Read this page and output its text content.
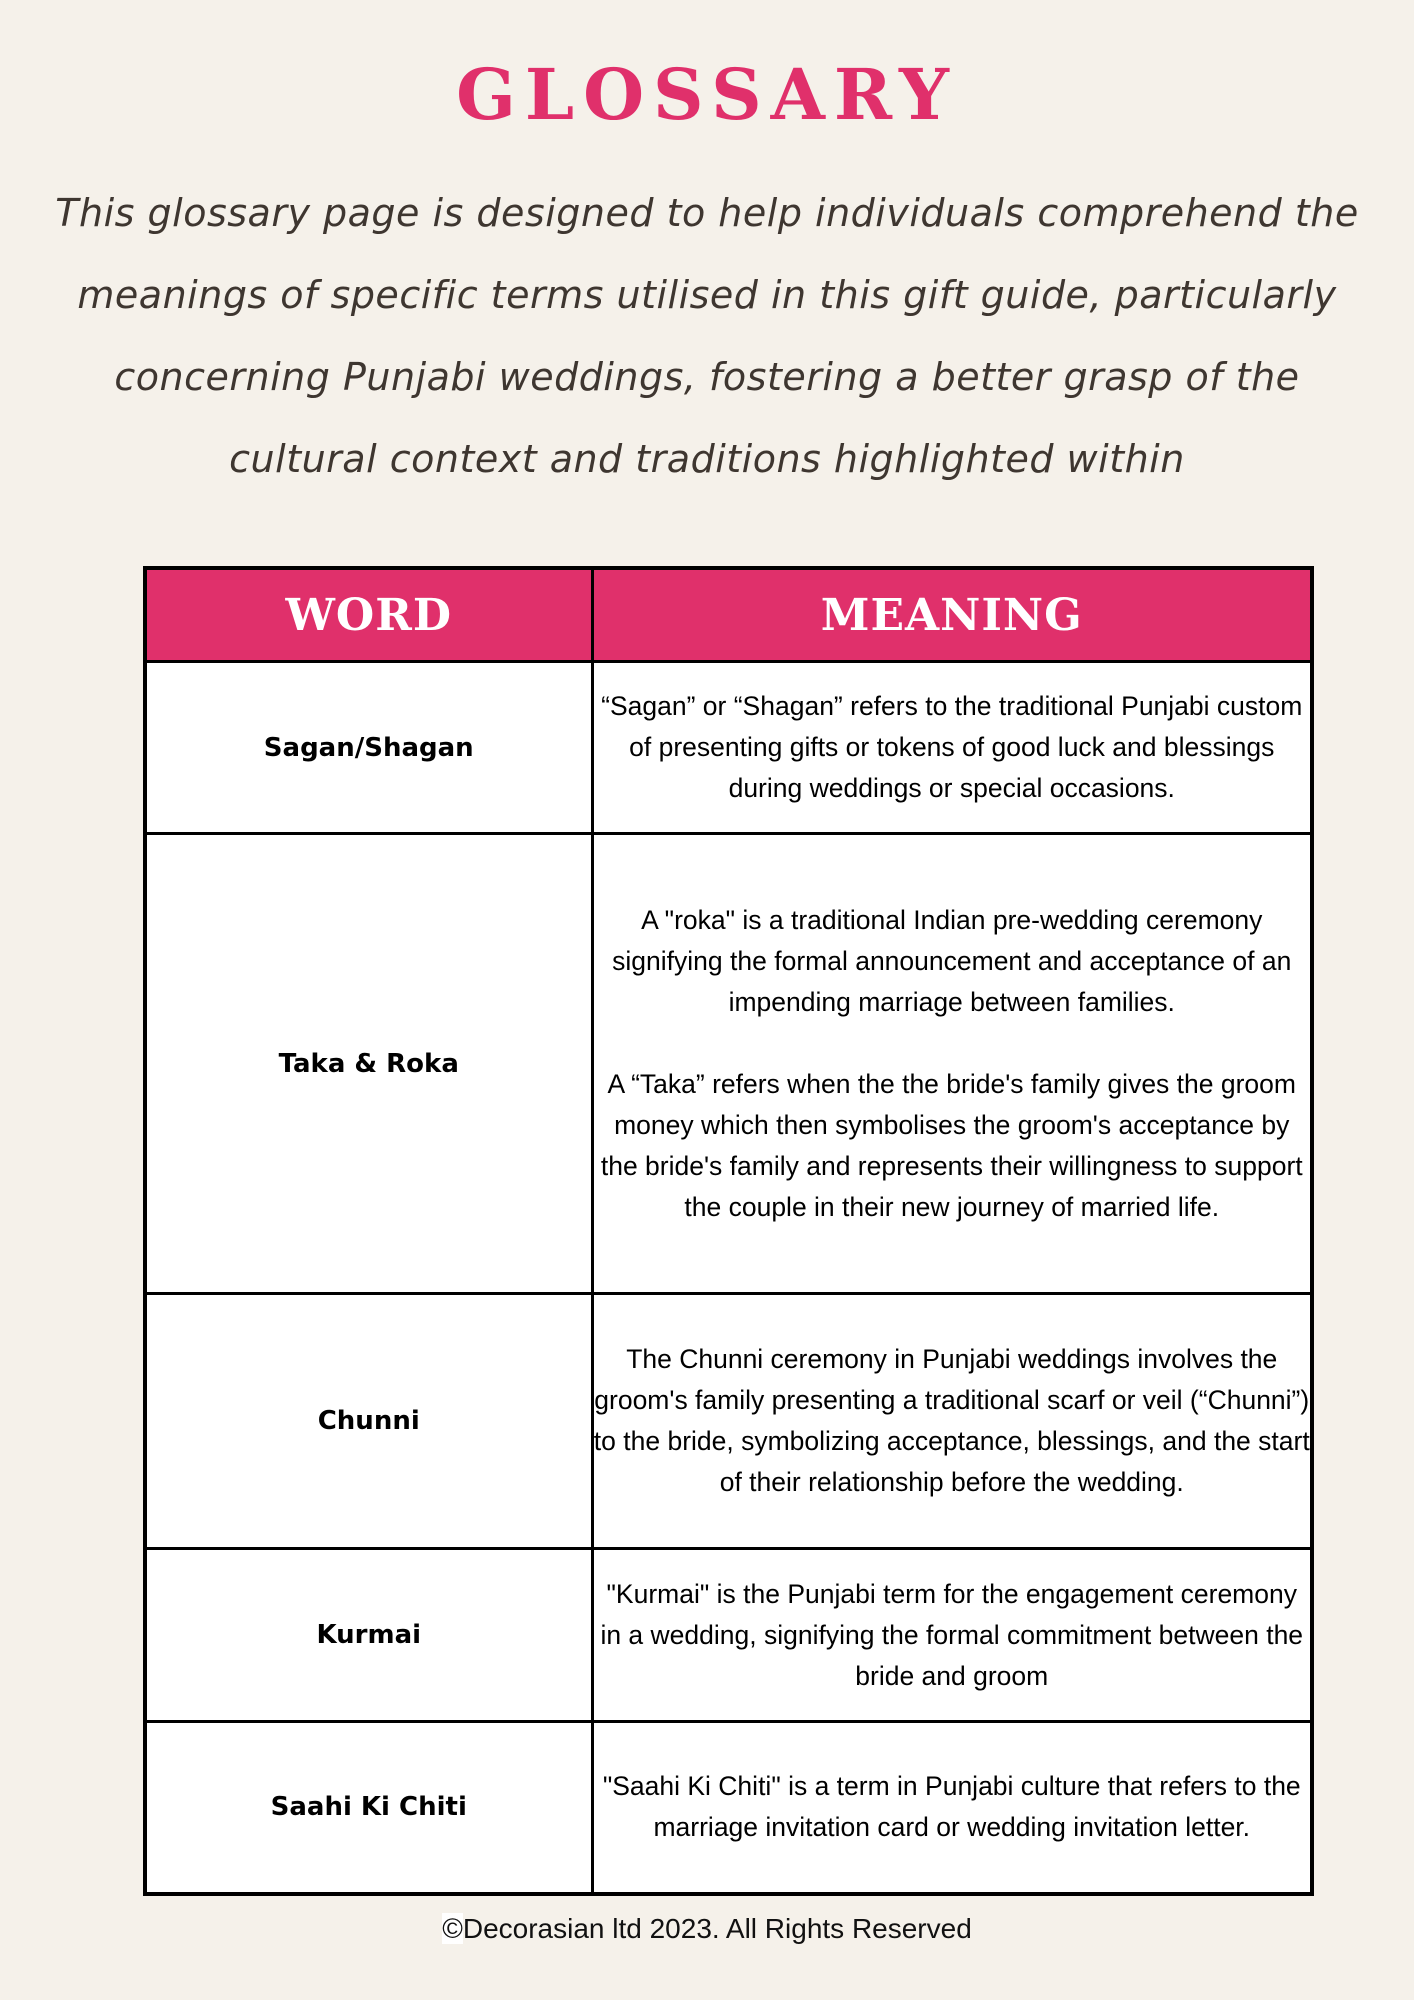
GLOSSARY
This glossary page is designed to help individuals comprehend the meanings of specific terms utilised in this gift guide, particularly concerning Punjabi weddings, fostering a better grasp of the cultural context and traditions highlighted within
WORD	MEANING
Sagan/Shagan	“Sagan” or “Shagan” refers to the traditional Punjabi custom of presenting gifts or tokens of good luck and blessings during weddings or special occasions.

Taka & Roka	A "roka" is a traditional Indian pre-wedding ceremony signifying the formal announcement and acceptance of an impending marriage between families.

A “Taka” refers when the the bride's family gives the groom money which then symbolises the groom's acceptance by the bride's family and represents their willingness to support the couple in their new journey of married life.

Chunni	The Chunni ceremony in Punjabi weddings involves the groom's family presenting a traditional scarf or veil (“Chunni”) to the bride, symbolizing acceptance, blessings, and the start of their relationship before the wedding.

Kurmai	"Kurmai" is the Punjabi term for the engagement ceremony in a wedding, signifying the formal commitment between the bride and groom

Saahi Ki Chiti	"Saahi Ki Chiti" is a term in Punjabi culture that refers to the marriage invitation card or wedding invitation letter.

©Decorasian ltd 2023. All Rights Reserved
